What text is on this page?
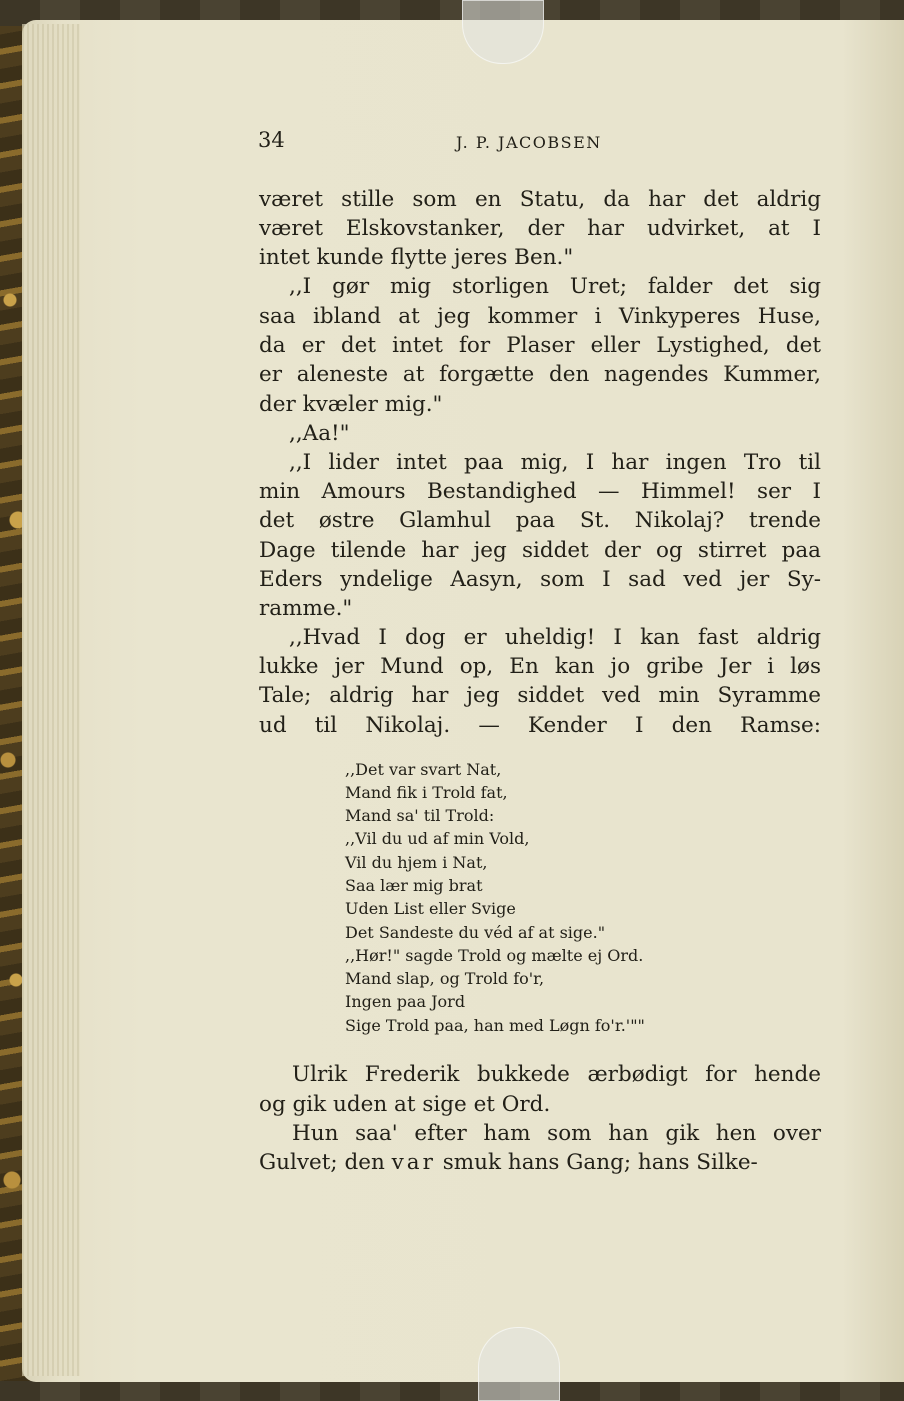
34	J. P. JACOBSEN

været stille som en Statu, da har det aldrig

været Elskovstanker, der har udvirket, at I

intet kunde flytte jeres Ben."

,,I gør mig storligen Uret; falder det sig

saa ibland at jeg kommer i Vinkyperes Huse,

da er det intet for Plaser eller Lystighed, det

er aleneste at forgætte den nagendes Kummer,

der kvæler mig."

,,Aa!"

,,I lider intet paa mig, I har ingen Tro til

min Amours Bestandighed — Himmel! ser I

det østre Glamhul paa St. Nikolaj? trende

Dage tilende har jeg siddet der og stirret paa

Eders yndelige Aasyn, som I sad ved jer Sy-

ramme."

,,Hvad I dog er uheldig! I kan fast aldrig

lukke jer Mund op, En kan jo gribe Jer i løs

Tale; aldrig har jeg siddet ved min Syramme

ud til Nikolaj. — Kender I den Ramse:

,,Det var svart Nat,

Mand fik i Trold fat,

Mand sa' til Trold:

,,Vil du ud af min Vold,

Vil du hjem i Nat,

Saa lær mig brat

Uden List eller Svige

Det Sandeste du véd af at sige."

,,Hør!" sagde Trold og mælte ej Ord.

Mand slap, og Trold fo'r,

Ingen paa Jord

Sige Trold paa, han med Løgn fo'r.'""

Ulrik Frederik bukkede ærbødigt for hende

og gik uden at sige et Ord.

Hun saa' efter ham som han gik hen over

Gulvet; den var smuk hans Gang; hans Silke-
